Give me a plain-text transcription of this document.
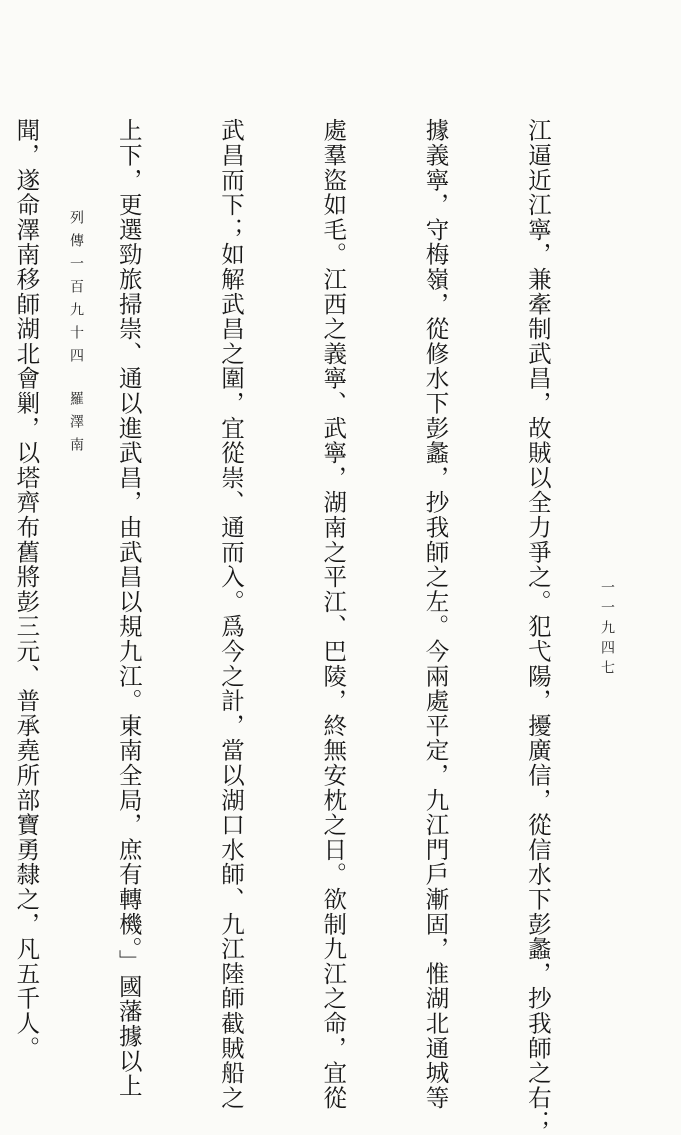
江逼近江寧，兼牽制武昌，故賊以全力爭之。犯弋陽，擾廣信，從信水下彭蠡，抄我師之右；

據義寧，守梅嶺，從修水下彭蠡，抄我師之左。今兩處平定，九江門戶漸固，惟湖北通城等

處羣盜如毛。江西之義寧、武寧，湖南之平江、巴陵，終無安枕之日。欲制九江之命，宜從

武昌而下；如解武昌之圍，宜從崇、通而入。爲今之計，當以湖口水師、九江陸師截賊船之

上下，更選勁旅掃崇、通以進武昌，由武昌以規九江。東南全局，庶有轉機。」國藩據以上

聞，遂命澤南移師湖北會剿，以塔齊布舊將彭三元、普承堯所部寶勇隸之，凡五千人。

列傳一百九十四羅澤南
一一九四七
